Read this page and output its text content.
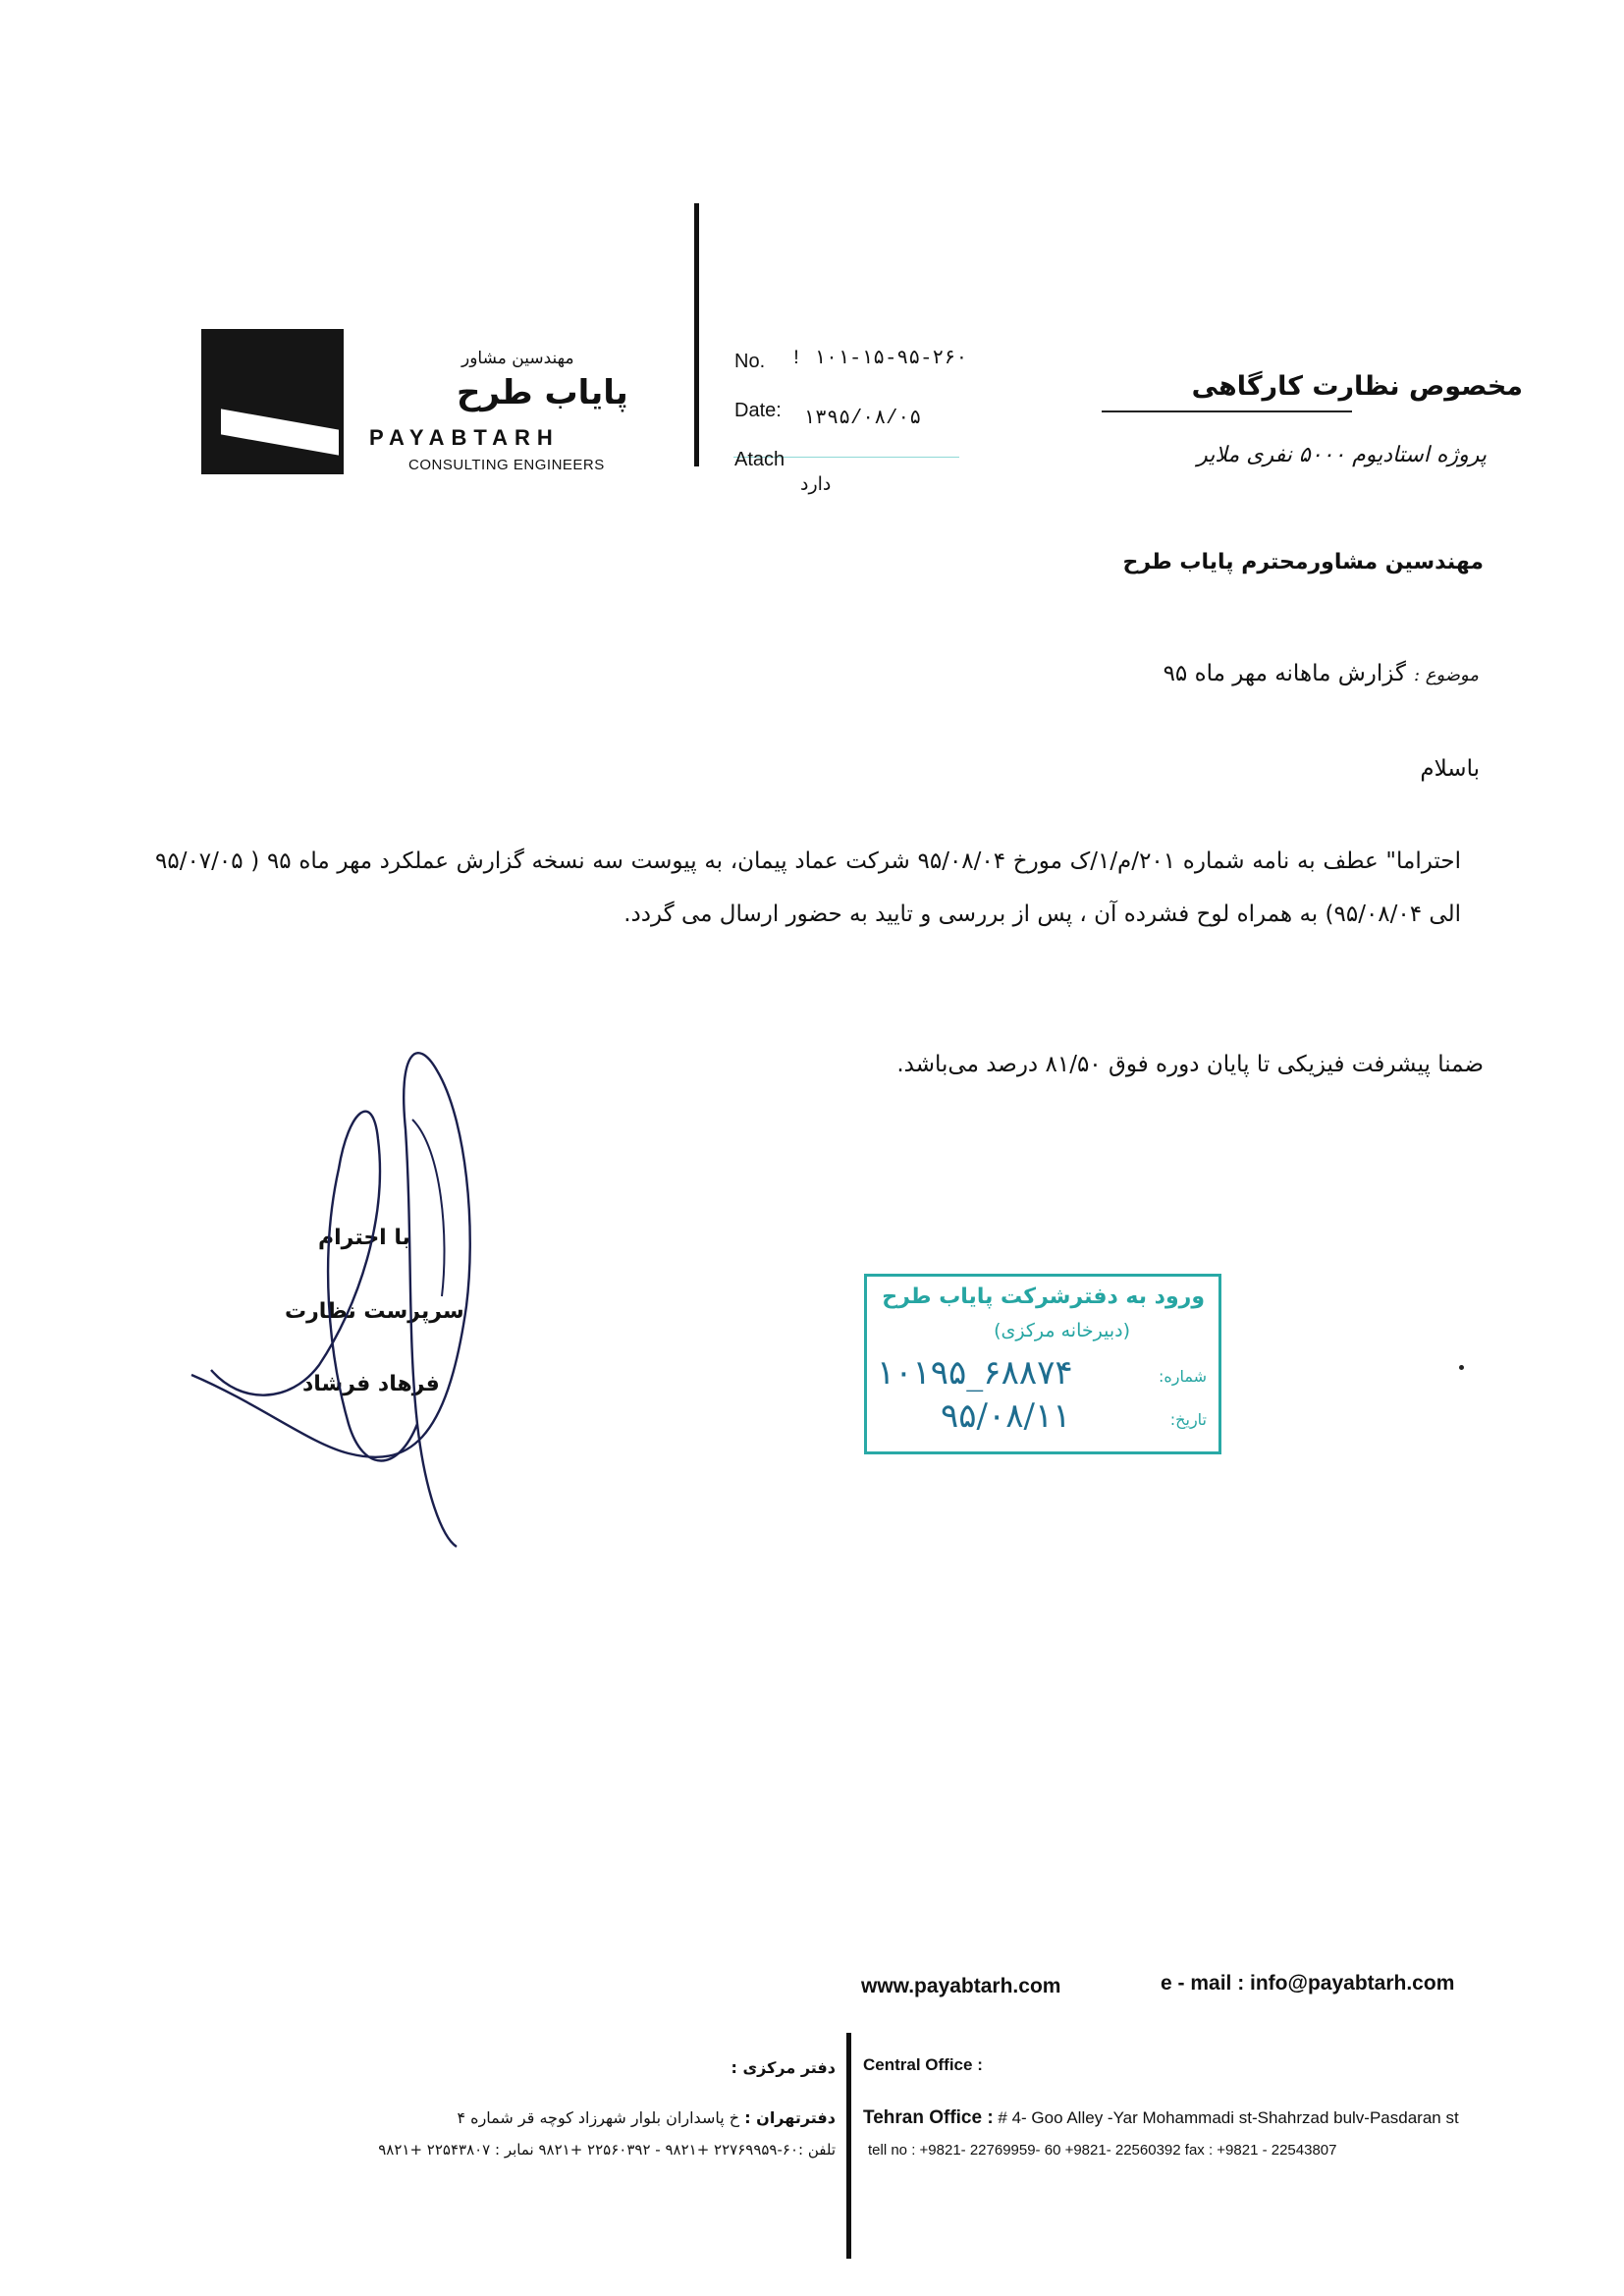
مهندسین مشاور
پایاب طرح
PAYABTARH
CONSULTING ENGINEERS
No. ! ۱۰۱-۱۵-۹۵-۲۶۰
Date: ۱۳۹۵/۰۸/۰۵
Atach
دارد
مخصوص نظارت کارگاهی
پروژه استادیوم ۵۰۰۰ نفری ملایر
مهندسین مشاورمحترم پایاب طرح
موضوع :گزارش ماهانه مهر ماه ۹۵
باسلام
احتراما" عطف به نامه شماره ۲۰۱/م/۱/ک مورخ ۹۵/۰۸/۰۴ شرکت عماد پیمان، به پیوست سه نسخه گزارش عملکرد مهر ماه ۹۵ ( ۹۵/۰۷/۰۵ الی ۹۵/۰۸/۰۴) به همراه لوح فشرده آن ، پس از بررسی و تایید به حضور ارسال می گردد.
ضمنا پیشرفت فیزیکی تا پایان دوره فوق ۸۱/۵۰ درصد می‌باشد.
با احترام
سرپرست نظارت
فرهاد فرشاد
ورود به دفترشرکت پایاب طرح
(دبیرخانه مرکزی)
شماره:
۱۰۱۹۵_۶۸۸۷۴
تاریخ:
۹۵/۰۸/۱۱
www.payabtarh.com	e - mail : info@payabtarh.com
دفتر مرکزی : Central Office :
دفترتهران : خ پاسداران بلوار شهرزاد کوچه قر شماره ۴
تلفن :۶۰-۲۲۷۶۹۹۵۹ +۹۸۲۱ - ۲۲۵۶۰۳۹۲ +۹۸۲۱ نمابر : ۲۲۵۴۳۸۰۷ +۹۸۲۱
Tehran Office : # 4- Goo Alley -Yar Mohammadi st-Shahrzad bulv-Pasdaran st
tell no : +9821- 22769959- 60 +9821- 22560392 fax : +9821 - 22543807
